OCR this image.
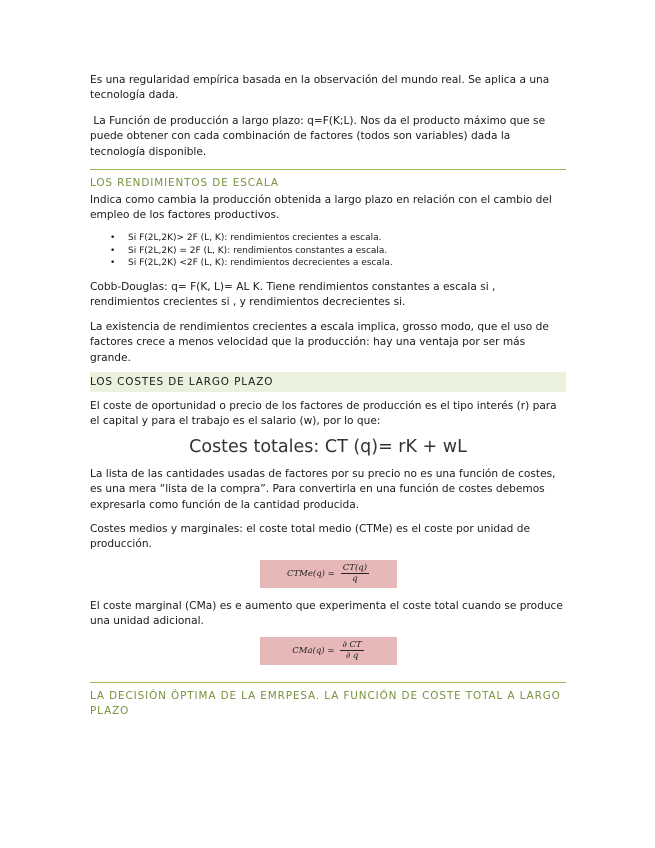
Es una regularidad empírica basada en la observación del mundo real. Se aplica a una tecnología dada.

La Función de producción a largo plazo: q=F(K;L). Nos da el producto máximo que se puede obtener con cada combinación de factores (todos son variables) dada la tecnología disponible.

LOS RENDIMIENTOS DE ESCALA

Indica como cambia la producción obtenida a largo plazo en relación con el cambio del empleo de los factores productivos.

• Si F(2L,2K)> 2F (L, K): rendimientos crecientes a escala.
• Si F(2L,2K) = 2F (L, K): rendimientos constantes a escala.
• Si F(2L,2K) <2F (L, K): rendimientos decrecientes a escala.

Cobb-Douglas: q= F(K, L)= AL K. Tiene rendimientos constantes a escala si , rendimientos crecientes si , y rendimientos decrecientes si.

La existencia de rendimientos crecientes a escala implica, grosso modo, que el uso de factores crece a menos velocidad que la producción: hay una ventaja por ser más grande.

LOS COSTES DE LARGO PLAZO

El coste de oportunidad o precio de los factores de producción es el tipo interés (r) para el capital y para el trabajo es el salario (w), por lo que:

Costes totales: CT (q)= rK + wL

La lista de las cantidades usadas de factores por su precio no es una función de costes, es una mera “lista de la compra”. Para convertirla en una función de costes debemos expresarla como función de la cantidad producida.

Costes medios y marginales: el coste total medio (CTMe) es el coste por unidad de producción.

CTMe(q) = $\frac{CT(q)}{q}$

El coste marginal (CMa) es e aumento que experimenta el coste total cuando se produce una unidad adicional.

$CMa(q) = \frac{\partial CT}{\partial q}$
LA DECISIÓN ÓPTIMA DE LA EMRPESA. LA FUNCIÓN DE COSTE TOTAL A LARGO PLAZO
